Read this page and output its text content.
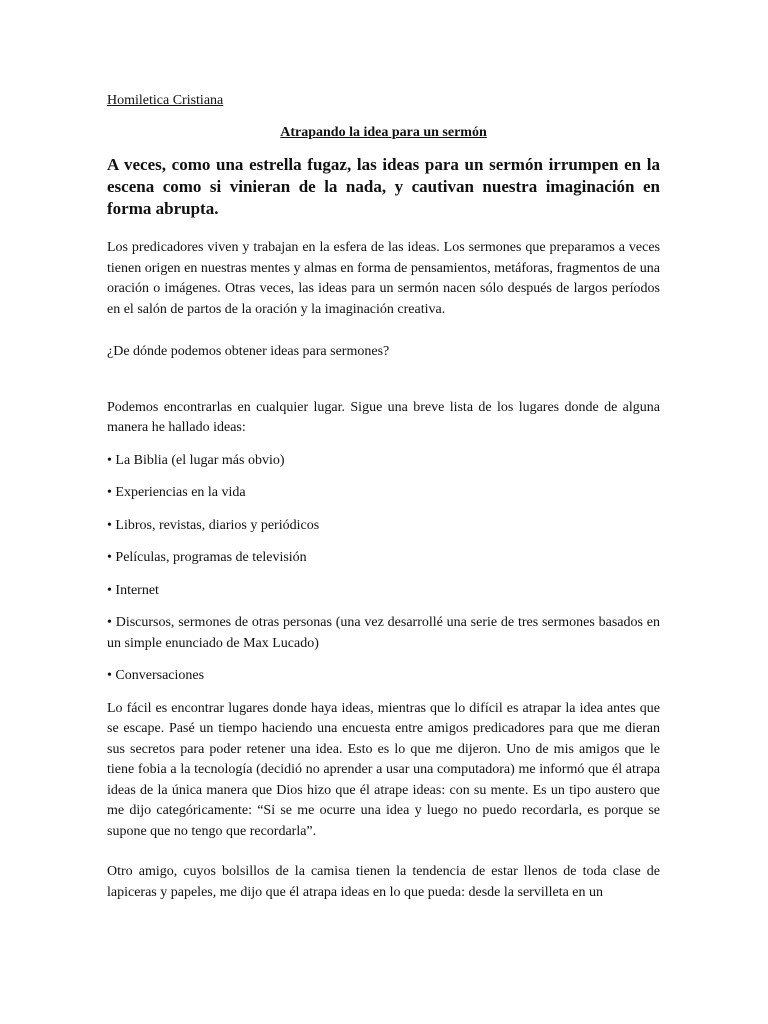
Homiletica Cristiana

Atrapando la idea para un sermón

A veces, como una estrella fugaz, las ideas para un sermón irrumpen en la escena como si vinieran de la nada, y cautivan nuestra imaginación en forma abrupta.

Los predicadores viven y trabajan en la esfera de las ideas. Los sermones que preparamos a veces tienen origen en nuestras mentes y almas en forma de pensamientos, metáforas, fragmentos de una oración o imágenes. Otras veces, las ideas para un sermón nacen sólo después de largos períodos en el salón de partos de la oración y la imaginación creativa.

¿De dónde podemos obtener ideas para sermones?

Podemos encontrarlas en cualquier lugar. Sigue una breve lista de los lugares donde de alguna manera he hallado ideas:

• La Biblia (el lugar más obvio)
• Experiencias en la vida
• Libros, revistas, diarios y periódicos
• Películas, programas de televisión
• Internet
• Discursos, sermones de otras personas (una vez desarrollé una serie de tres sermones basados en un simple enunciado de Max Lucado)
• Conversaciones

Lo fácil es encontrar lugares donde haya ideas, mientras que lo difícil es atrapar la idea antes que se escape. Pasé un tiempo haciendo una encuesta entre amigos predicadores para que me dieran sus secretos para poder retener una idea. Esto es lo que me dijeron. Uno de mis amigos que le tiene fobia a la tecnología (decidió no aprender a usar una computadora) me informó que él atrapa ideas de la única manera que Dios hizo que él atrape ideas: con su mente. Es un tipo austero que me dijo categóricamente: “Si se me ocurre una idea y luego no puedo recordarla, es porque se supone que no tengo que recordarla”.

Otro amigo, cuyos bolsillos de la camisa tienen la tendencia de estar llenos de toda clase de lapiceras y papeles, me dijo que él atrapa ideas en lo que pueda: desde la servilleta en un
